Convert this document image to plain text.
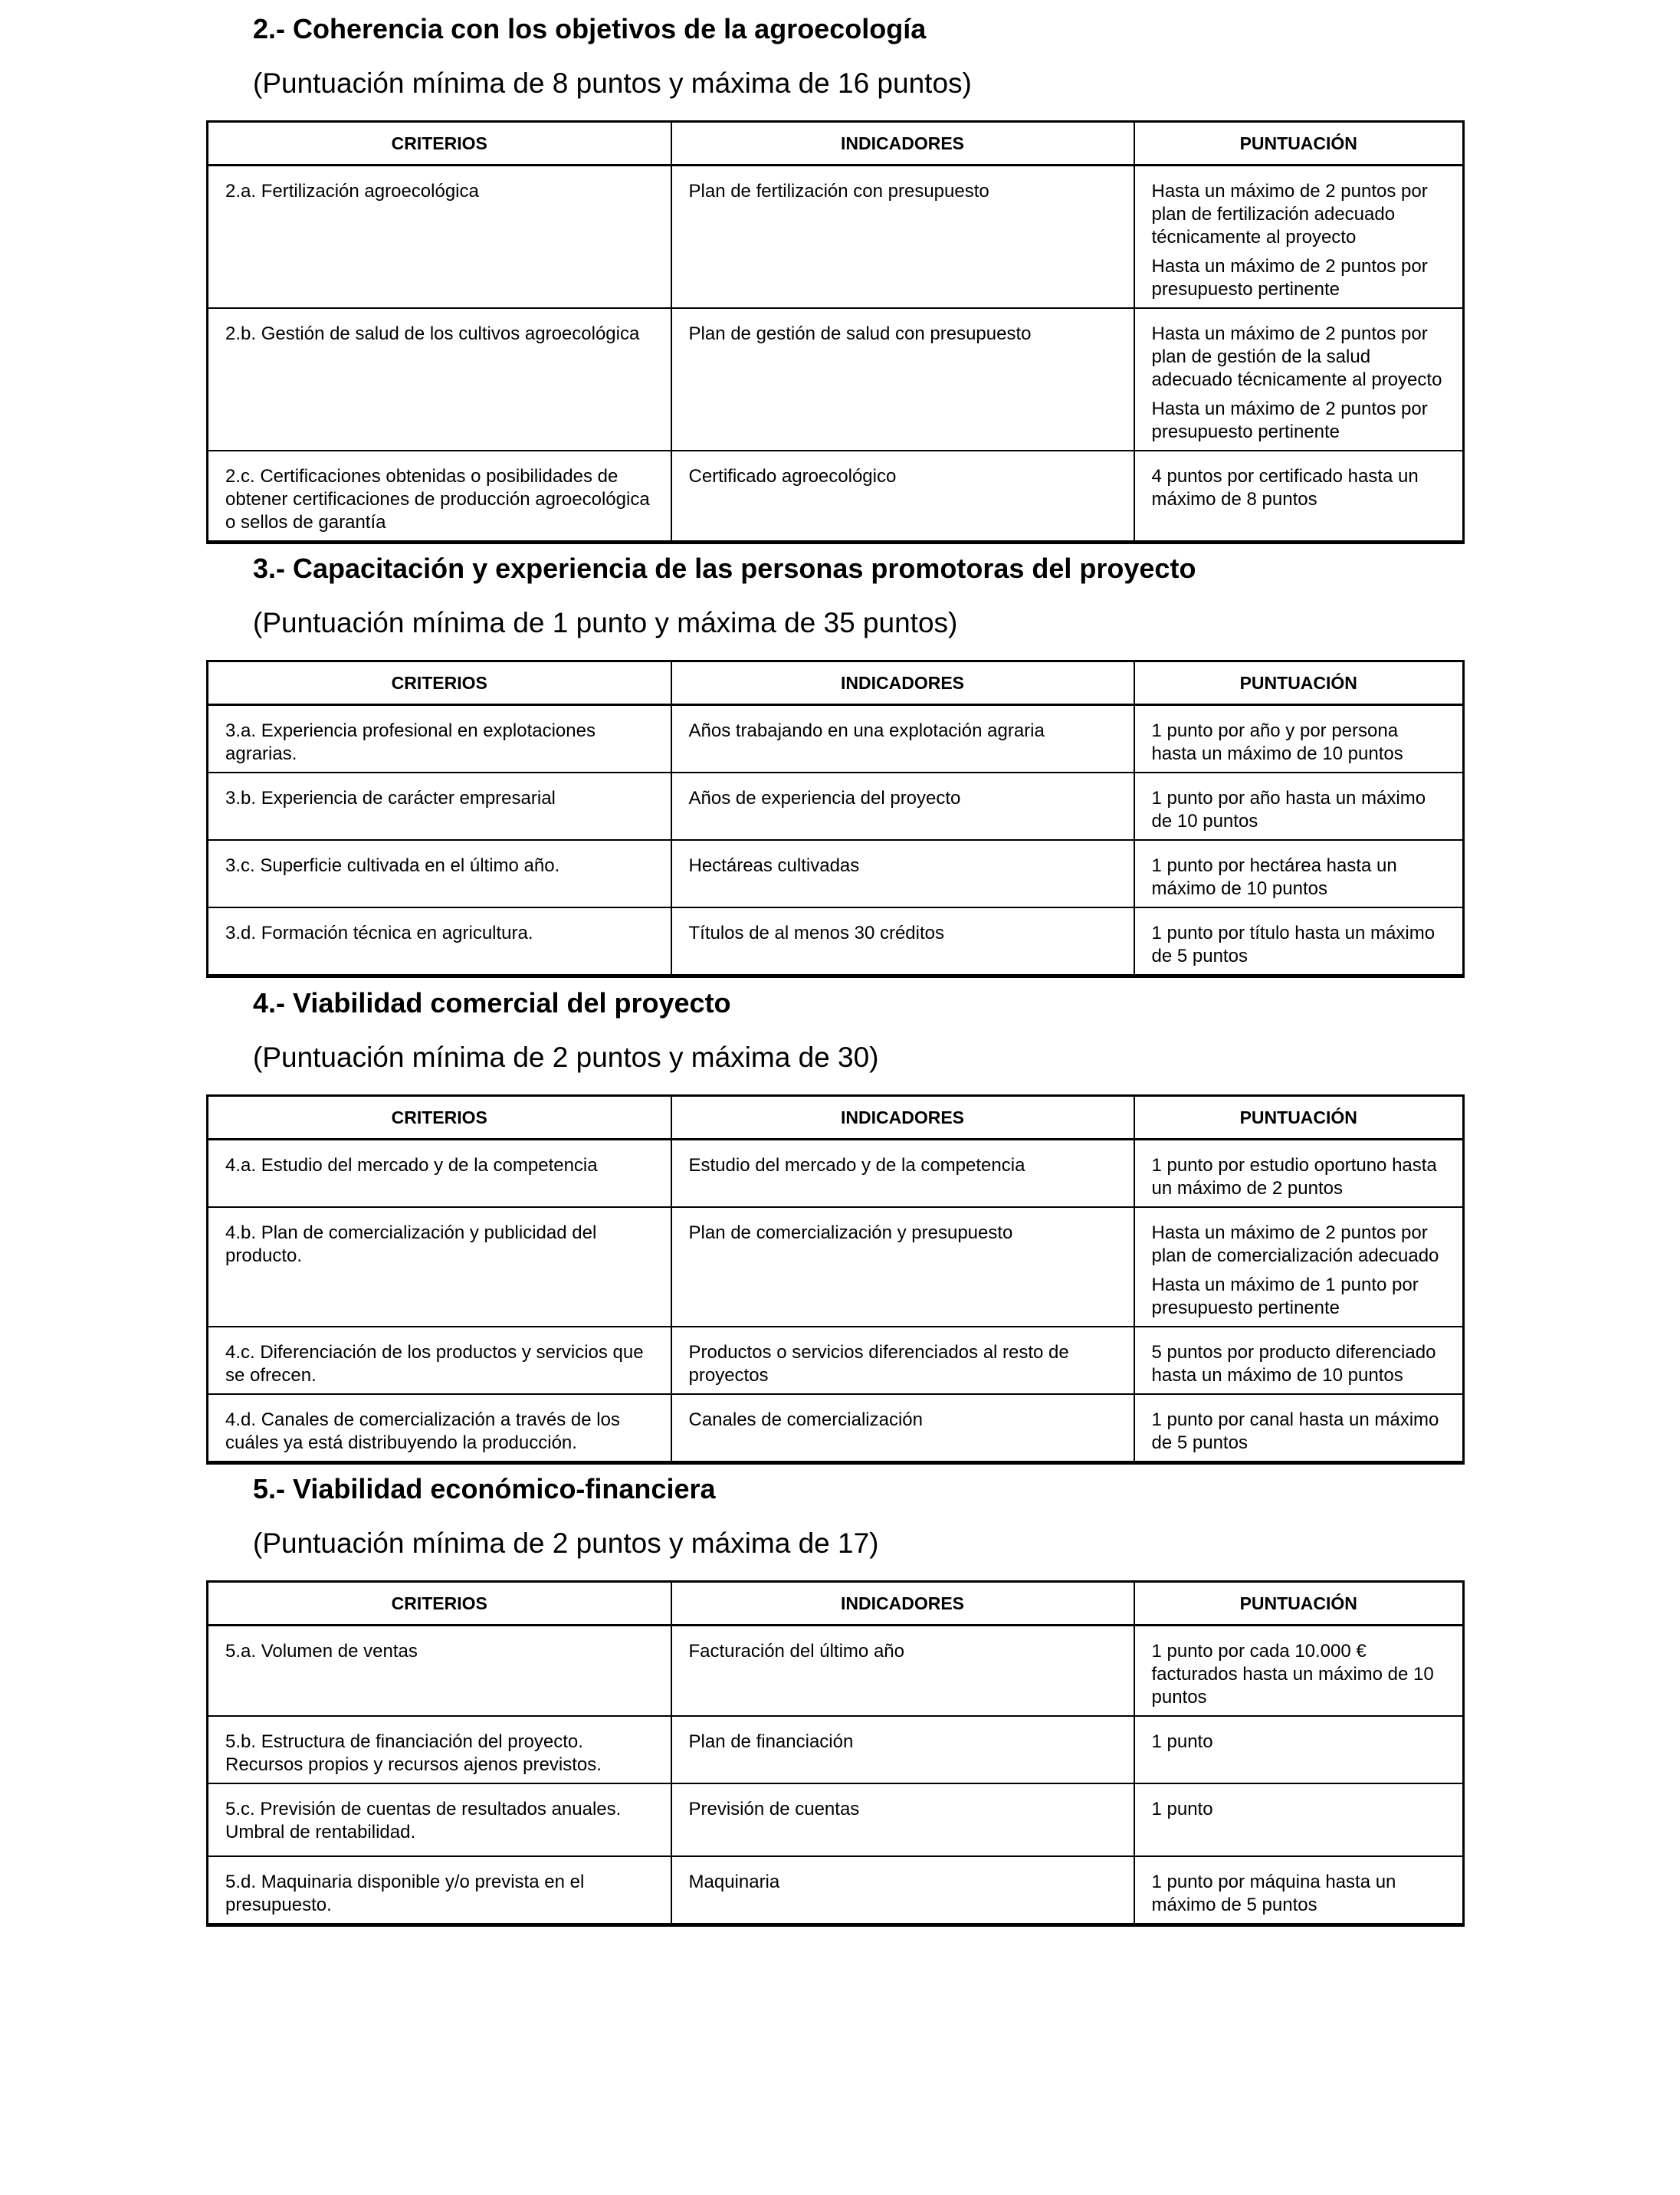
2.- Coherencia con los objetivos de la agroecología
(Puntuación mínima de 8 puntos y máxima de 16 puntos)
CRITERIOS	INDICADORES	PUNTUACIÓN

2.a. Fertilización agroecológica	Plan de fertilización con presupuesto	Hasta un máximo de 2 puntos por plan de fertilización adecuado técnicamente al proyecto

Hasta un máximo de 2 puntos por presupuesto pertinente

2.b. Gestión de salud de los cultivos agroecológica	Plan de gestión de salud con presupuesto	Hasta un máximo de 2 puntos por plan de gestión de la salud adecuado técnicamente al proyecto

Hasta un máximo de 2 puntos por presupuesto pertinente

2.c. Certificaciones obtenidas o posibilidades de obtener certificaciones de producción agroecológica o sellos de garantía	Certificado agroecológico	4 puntos por certificado hasta un máximo de 8 puntos

3.- Capacitación y experiencia de las personas promotoras del proyecto
(Puntuación mínima de 1 punto y máxima de 35 puntos)
CRITERIOS	INDICADORES	PUNTUACIÓN

3.a. Experiencia profesional en explotaciones agrarias.	Años trabajando en una explotación agraria	1 punto por año y por persona hasta un máximo de 10 puntos

3.b. Experiencia de carácter empresarial	Años de experiencia del proyecto	1 punto por año hasta un máximo de 10 puntos

3.c. Superficie cultivada en el último año.	Hectáreas cultivadas	1 punto por hectárea hasta un máximo de 10 puntos

3.d. Formación técnica en agricultura.	Títulos de al menos 30 créditos	1 punto por título hasta un máximo de 5 puntos

4.- Viabilidad comercial del proyecto
(Puntuación mínima de 2 puntos y máxima de 30)
CRITERIOS	INDICADORES	PUNTUACIÓN

4.a. Estudio del mercado y de la competencia	Estudio del mercado y de la competencia	1 punto por estudio oportuno hasta un máximo de 2 puntos

4.b. Plan de comercialización y publicidad del producto.	Plan de comercialización y presupuesto	Hasta un máximo de 2 puntos por plan de comercialización adecuado

Hasta un máximo de 1 punto por presupuesto pertinente

4.c. Diferenciación de los productos y servicios que se ofrecen.	Productos o servicios diferenciados al resto de proyectos	5 puntos por producto diferenciado hasta un máximo de 10 puntos

4.d. Canales de comercialización a través de los cuáles ya está distribuyendo la producción.	Canales de comercialización	1 punto por canal hasta un máximo de 5 puntos

5.- Viabilidad económico-financiera
(Puntuación mínima de 2 puntos y máxima de 17)
CRITERIOS	INDICADORES	PUNTUACIÓN

5.a. Volumen de ventas	Facturación del último año	1 punto por cada 10.000 € facturados hasta un máximo de 10 puntos

5.b. Estructura de financiación del proyecto. Recursos propios y recursos ajenos previstos.	Plan de financiación	1 punto

5.c. Previsión de cuentas de resultados anuales. Umbral de rentabilidad.	Previsión de cuentas	1 punto

5.d. Maquinaria disponible y/o prevista en el presupuesto.	Maquinaria	1 punto por máquina hasta un máximo de 5 puntos
